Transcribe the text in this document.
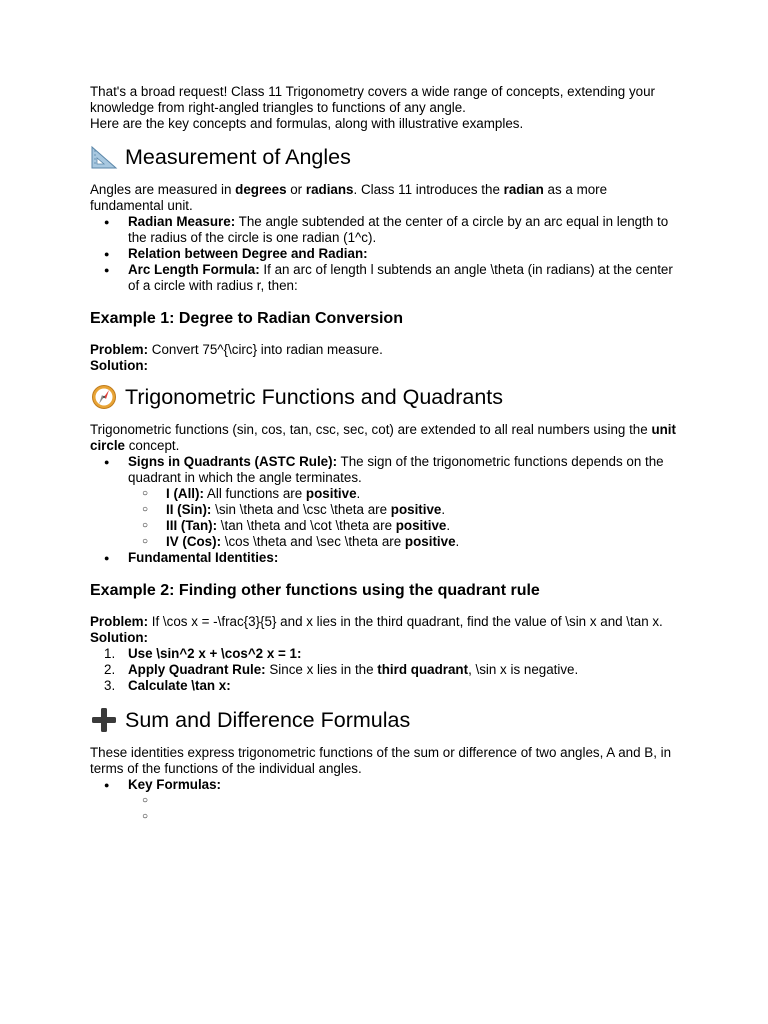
That's a broad request! Class 11 Trigonometry covers a wide range of concepts, extending your knowledge from right-angled triangles to functions of any angle.

Here are the key concepts and formulas, along with illustrative examples.

Measurement of Angles

Angles are measured in degrees or radians. Class 11 introduces the radian as a more fundamental unit.

● Radian Measure: The angle subtended at the center of a circle by an arc equal in length to the radius of the circle is one radian (1^c).
● Relation between Degree and Radian:
● Arc Length Formula: If an arc of length l subtends an angle \theta (in radians) at the center of a circle with radius r, then:
Example 1: Degree to Radian Conversion

Problem: Convert 75^{\circ} into radian measure.

Solution:

Trigonometric Functions and Quadrants

Trigonometric functions (sin, cos, tan, csc, sec, cot) are extended to all real numbers using the unit circle concept.

● Signs in Quadrants (ASTC Rule): The sign of the trigonometric functions depends on the quadrant in which the angle terminates.
○ I (All): All functions are positive.
○ II (Sin): \sin \theta and \csc \theta are positive.
○ III (Tan): \tan \theta and \cot \theta are positive.
○ IV (Cos): \cos \theta and \sec \theta are positive.
● Fundamental Identities:
Example 2: Finding other functions using the quadrant rule

Problem: If \cos x = -\frac{3}{5} and x lies in the third quadrant, find the value of \sin x and \tan x.

Solution:

1. Use \sin^2 x + \cos^2 x = 1:
2. Apply Quadrant Rule: Since x lies in the third quadrant, \sin x is negative.
3. Calculate \tan x:
Sum and Difference Formulas

These identities express trigonometric functions of the sum or difference of two angles, A and B, in terms of the functions of the individual angles.

● Key Formulas:
○
○
